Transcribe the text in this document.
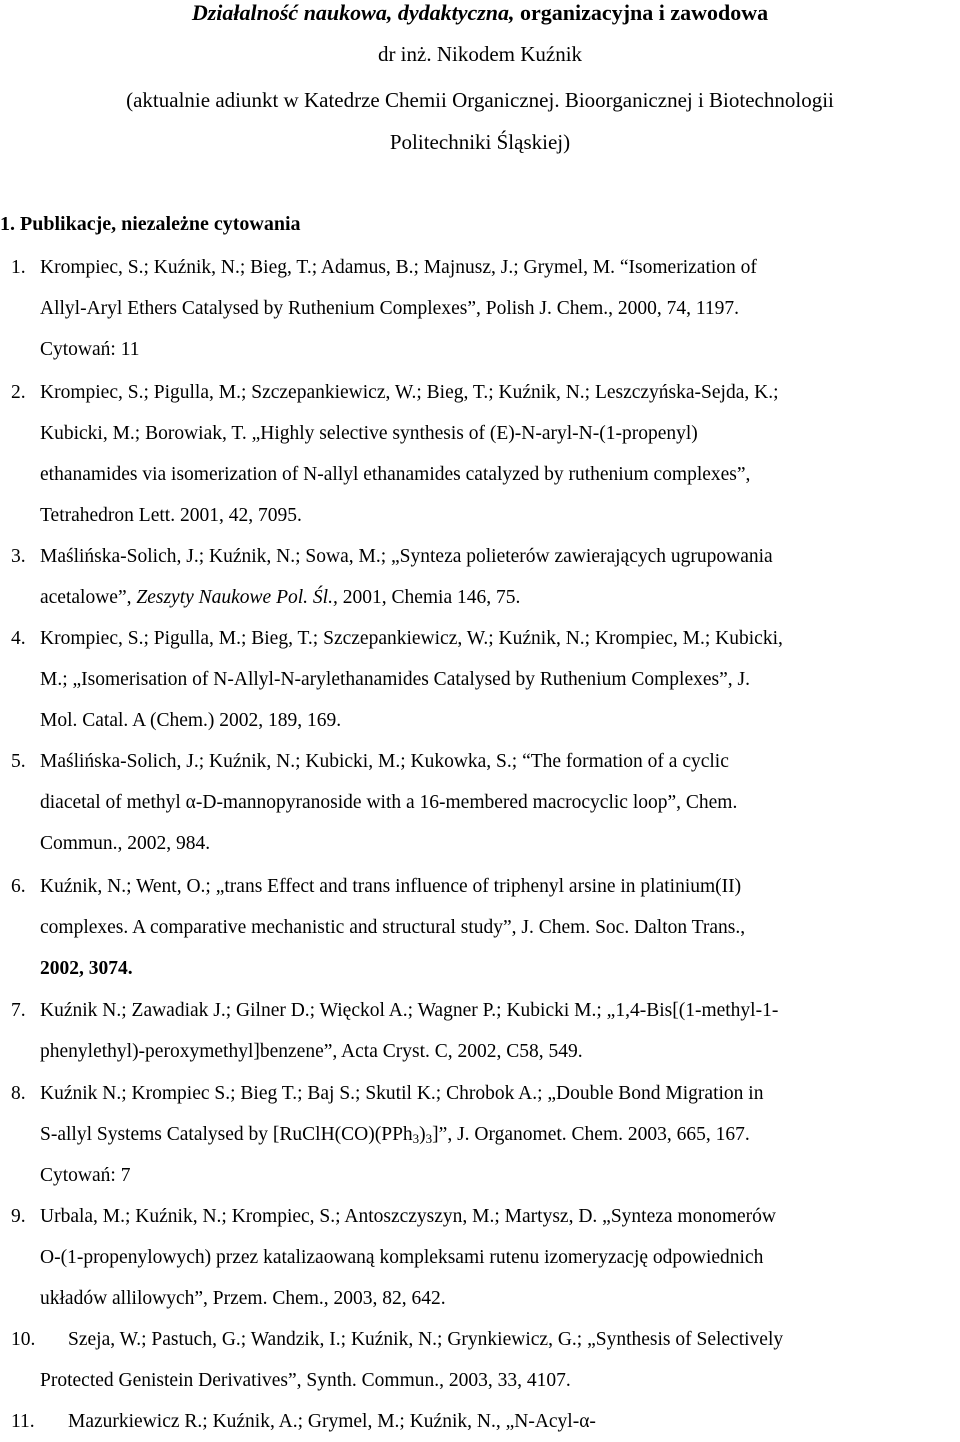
Działalność naukowa, dydaktyczna, organizacyjna i zawodowa
dr inż. Nikodem Kuźnik
(aktualnie adiunkt w Katedrze Chemii Organicznej. Bioorganicznej i Biotechnologii
Politechniki Śląskiej)
1. Publikacje, niezależne cytowania
1. Krompiec, S.; Kuźnik, N.; Bieg, T.; Adamus, B.; Majnusz, J.; Grymel, M. “Isomerization of
Allyl-Aryl Ethers Catalysed by Ruthenium Complexes”, Polish J. Chem., 2000, 74, 1197.
Cytowań: 11
2. Krompiec, S.; Pigulla, M.; Szczepankiewicz, W.; Bieg, T.; Kuźnik, N.; Leszczyńska-Sejda, K.;
Kubicki, M.; Borowiak, T. „Highly selective synthesis of (E)-N-aryl-N-(1-propenyl)
ethanamides via isomerization of N-allyl ethanamides catalyzed by ruthenium complexes”,
Tetrahedron Lett. 2001, 42, 7095.
3. Maślińska-Solich, J.; Kuźnik, N.; Sowa, M.; „Synteza polieterów zawierających ugrupowania
acetalowe”, Zeszyty Naukowe Pol. Śl., 2001, Chemia 146, 75.
4. Krompiec, S.; Pigulla, M.; Bieg, T.; Szczepankiewicz, W.; Kuźnik, N.; Krompiec, M.; Kubicki,
M.; „Isomerisation of N-Allyl-N-arylethanamides Catalysed by Ruthenium Complexes”, J.
Mol. Catal. A (Chem.) 2002, 189, 169.
5. Maślińska-Solich, J.; Kuźnik, N.; Kubicki, M.; Kukowka, S.; “The formation of a cyclic
diacetal of methyl α-D-mannopyranoside with a 16-membered macrocyclic loop”, Chem.
Commun., 2002, 984.
6. Kuźnik, N.; Went, O.; „trans Effect and trans influence of triphenyl arsine in platinium(II)
complexes. A comparative mechanistic and structural study”, J. Chem. Soc. Dalton Trans.,
2002, 3074.
7. Kuźnik N.; Zawadiak J.; Gilner D.; Więckol A.; Wagner P.; Kubicki M.; „1,4-Bis[(1-methyl-1-
phenylethyl)-peroxymethyl]benzene”, Acta Cryst. C, 2002, C58, 549.
8. Kuźnik N.; Krompiec S.; Bieg T.; Baj S.; Skutil K.; Chrobok A.; „Double Bond Migration in
S-allyl Systems Catalysed by $[RuClH(CO)(PPh_3)_3]$”, J. Organomet. Chem. 2003, 665, 167.
Cytowań: 7
9. Urbala, M.; Kuźnik, N.; Krompiec, S.; Antoszczyszyn, M.; Martysz, D. „Synteza monomerów
O-(1-propenylowych) przez katalizaowaną kompleksami rutenu izomeryzację odpowiednich
układów allilowych”, Przem. Chem., 2003, 82, 642.
10. Szeja, W.; Pastuch, G.; Wandzik, I.; Kuźnik, N.; Grynkiewicz, G.; „Synthesis of Selectively
Protected Genistein Derivatives”, Synth. Commun., 2003, 33, 4107.
11. Mazurkiewicz R.; Kuźnik, A.; Grymel, M.; Kuźnik, N., „N-Acyl-α-
